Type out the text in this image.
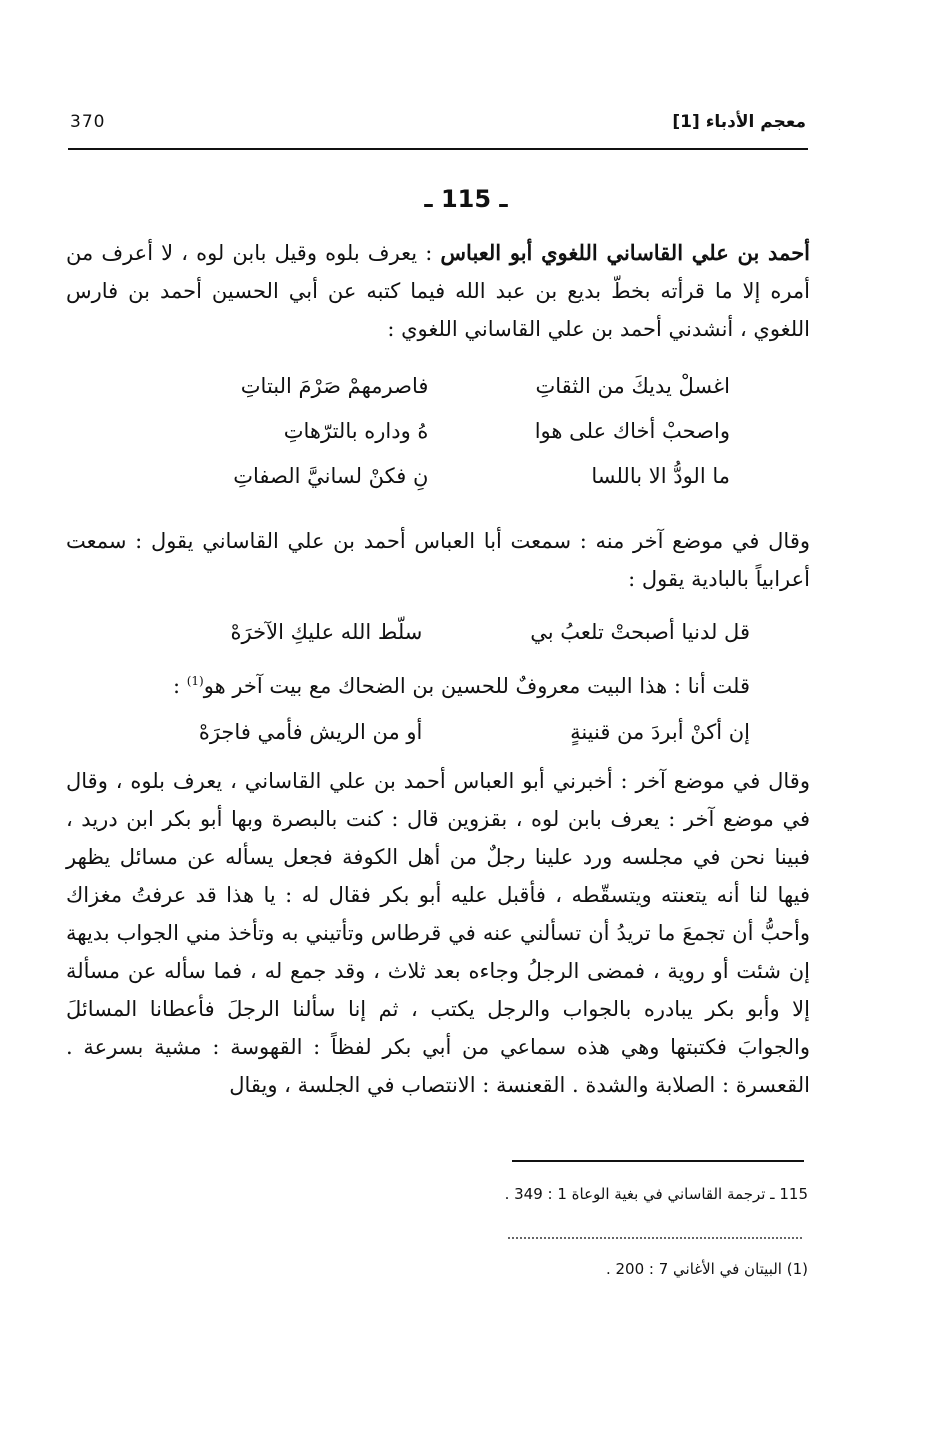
370	معجم الأدباء [1]
ـ 115 ـ

أحمد بن علي القاساني اللغوي أبو العباس : يعرف بلوه وقيل بابن لوه ، لا أعرف من أمره إلا ما قرأته بخطّ بديع بن عبد الله فيما كتبه عن أبي الحسين أحمد بن فارس اللغوي ، أنشدني أحمد بن علي القاساني اللغوي :

اغسلْ يديكَ من الثقاتِ
فاصرمهمْ صَرْمَ البتاتِ
واصحبْ أخاك على هوا
هُ وداره بالترّهاتِ
ما الودُّ الا باللسا
نِ فكنْ لسانيَّ الصفاتِ

وقال في موضع آخر منه : سمعت أبا العباس أحمد بن علي القاساني يقول : سمعت أعرابياً بالبادية يقول :

قل لدنيا أصبحتْ تلعبُ بي
سلّط الله عليكِ الآخرَهْ

قلت أنا : هذا البيت معروفٌ للحسين بن الضحاك مع بيت آخر هو$^{(1)}$ :

إن أكنْ أبردَ من قنينةٍ
أو من الريش فأمي فاجرَهْ

وقال في موضع آخر : أخبرني أبو العباس أحمد بن علي القاساني ، يعرف بلوه ، وقال في موضع آخر : يعرف بابن لوه ، بقزوين قال : كنت بالبصرة وبها أبو بكر ابن دريد ، فبينا نحن في مجلسه ورد علينا رجلٌ من أهل الكوفة فجعل يسأله عن مسائل يظهر فيها لنا أنه يتعنته ويتسقّطه ، فأقبل عليه أبو بكر فقال له : يا هذا قد عرفتُ مغزاك وأحبُّ أن تجمعَ ما تريدُ أن تسألني عنه في قرطاس وتأتيني به وتأخذ مني الجواب بديهة إن شئت أو روية ، فمضى الرجلُ وجاءه بعد ثلاث ، وقد جمع له ، فما سأله عن مسألة إلا وأبو بكر يبادره بالجواب والرجل يكتب ، ثم إنا سألنا الرجلَ فأعطانا المسائلَ والجوابَ فكتبتها وهي هذه سماعي من أبي بكر لفظاً : القهوسة : مشية بسرعة . القعسرة : الصلابة والشدة . القعنسة : الانتصاب في الجلسة ، ويقال

115 ـ ترجمة القاساني في بغية الوعاة 1 : 349 .
(1) البيتان في الأغاني 7 : 200 .
